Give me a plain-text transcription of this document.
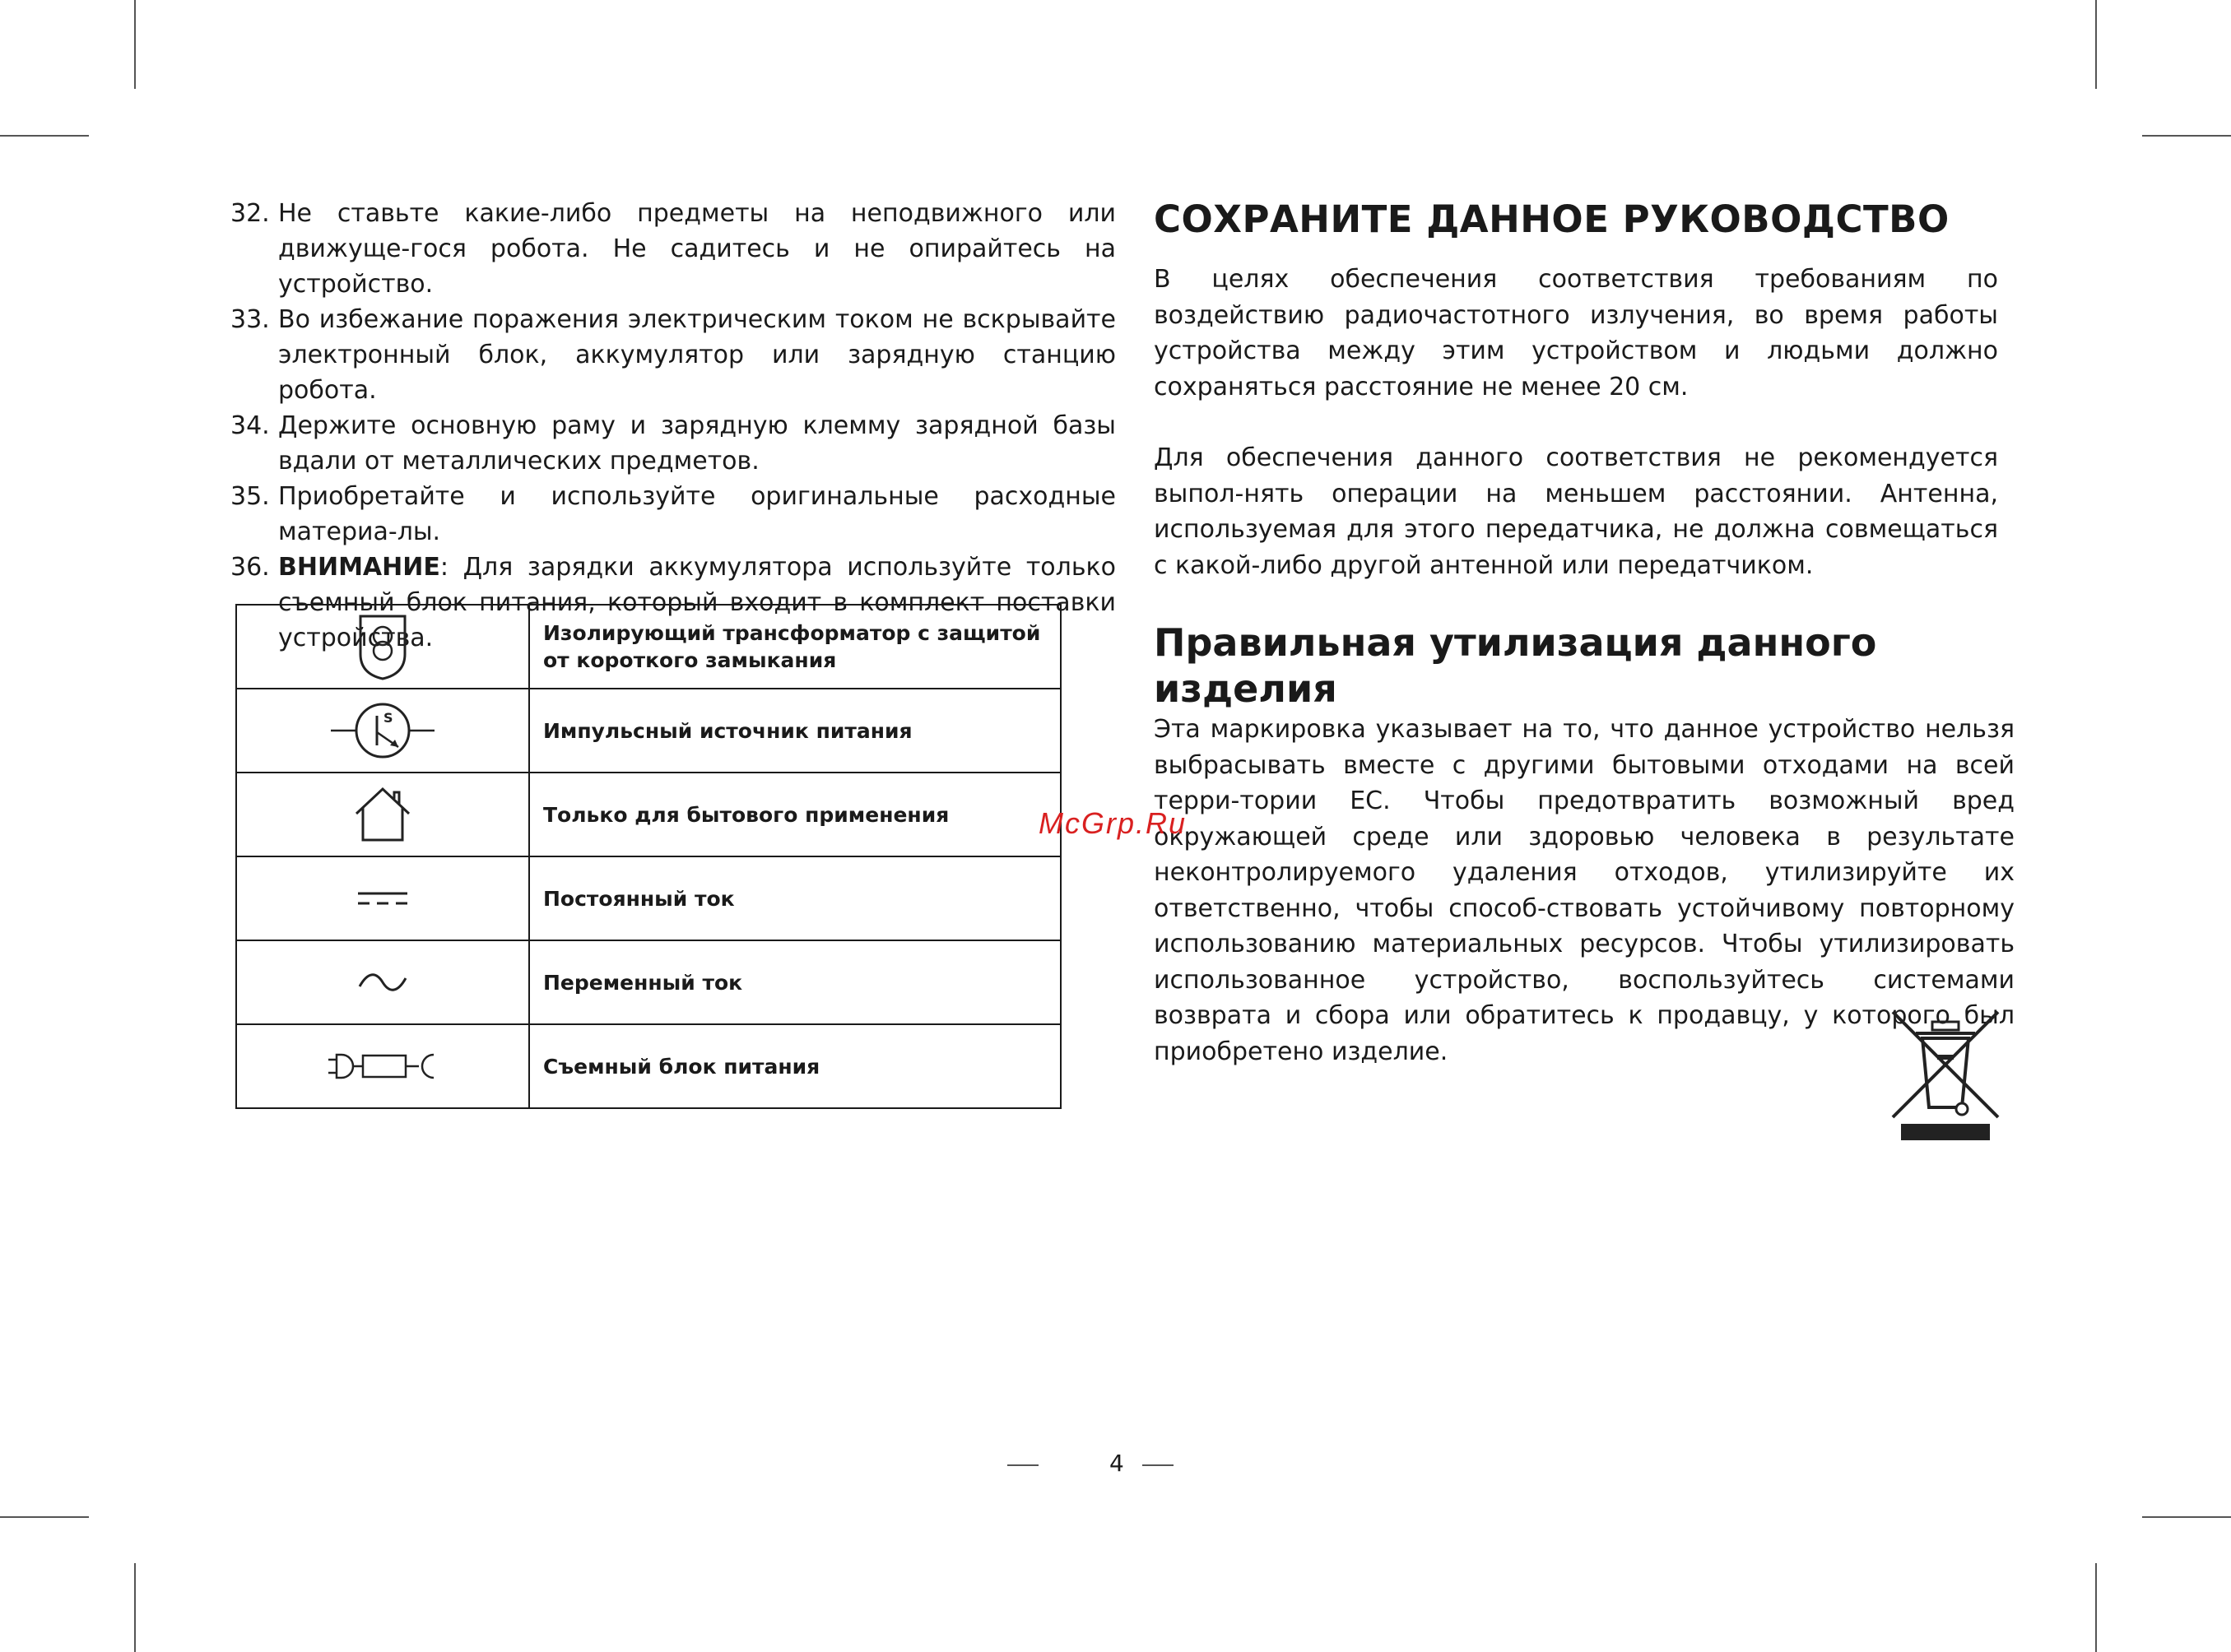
32. Не ставьте какие-либо предметы на неподвижного или движуще-гося робота. Не садитесь и не опирайтесь на устройство.
33. Во избежание поражения электрическим током не вскрывайте электронный блок, аккумулятор или зарядную станцию робота.
34. Держите основную раму и зарядную клемму зарядной базы вдали от металлических предметов.
35. Приобретайте и используйте оригинальные расходные материа-лы.
36. ВНИМАНИЕ: Для зарядки аккумулятора используйте только съемный блок питания, который входит в комплект поставки устройства.
		Изолирующий трансформатор с защитой
от короткого замыкания

S	Импульсный источник питания
	Только для бытового применения
	Постоянный ток
	Переменный ток
	Съемный блок питания
СОХРАНИТЕ ДАННОЕ РУКОВОДСТВО

В целях обеспечения соответствия требованиям по воздействию радиочастотного излучения, во время работы устройства между этим устройством и людьми должно сохраняться расстояние не менее 20 см.

Для обеспечения данного соответствия не рекомендуется выпол-нять операции на меньшем расстоянии. Антенна, используемая для этого передатчика, не должна совмещаться с какой-либо другой антенной или передатчиком.

Правильная утилизация данного изделия

Эта маркировка указывает на то, что данное устройство нельзя выбрасывать вместе с другими бытовыми отходами на всей терри-тории ЕС. Чтобы предотвратить возможный вред окружающей среде или здоровью человека в результате неконтролируемого удаления отходов, утилизируйте их ответственно, чтобы способ-ствовать устойчивому повторному использованию материальных ресурсов. Чтобы утилизировать использованное устройство, воспользуйтесь системами возврата и сбора или обратитесь к продавцу, у которого был приобретено изделие.

McGrp.Ru
4
